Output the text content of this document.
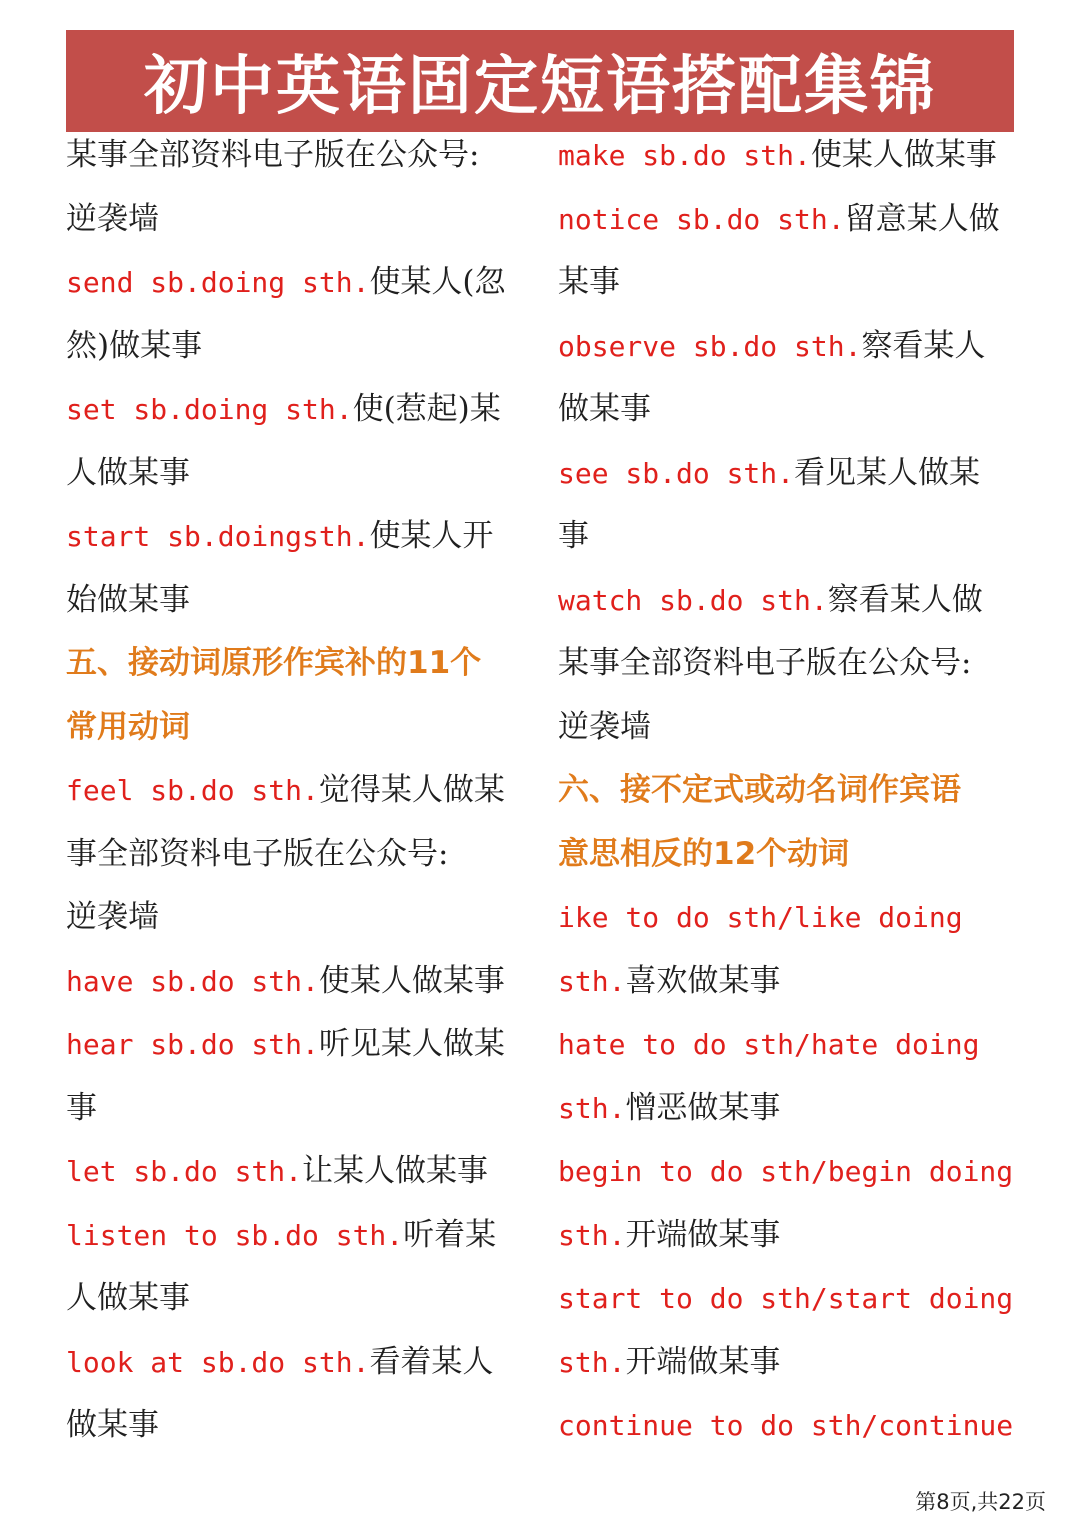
初中英语固定短语搭配集锦
某事全部资料电子版在公众号:
逆袭墙
send sb.doing sth.使某人(忽
然)做某事
set sb.doing sth.使(惹起)某
人做某事
start sb.doingsth.使某人开
始做某事
五、接动词原形作宾补的11个
常用动词
feel sb.do sth.觉得某人做某
事全部资料电子版在公众号:
逆袭墙
have sb.do sth.使某人做某事
hear sb.do sth.听见某人做某
事
let sb.do sth.让某人做某事
listen to sb.do sth.听着某
人做某事
look at sb.do sth.看着某人
做某事
make sb.do sth.使某人做某事
notice sb.do sth.留意某人做
某事
observe sb.do sth.察看某人
做某事
see sb.do sth.看见某人做某
事
watch sb.do sth.察看某人做
某事全部资料电子版在公众号:
逆袭墙
六、接不定式或动名词作宾语
意思相反的12个动词
ike to do sth/like doing
sth.喜欢做某事
hate to do sth/hate doing
sth.憎恶做某事
begin to do sth/begin doing
sth.开端做某事
start to do sth/start doing
sth.开端做某事
continue to do sth/continue
第8页,共22页
